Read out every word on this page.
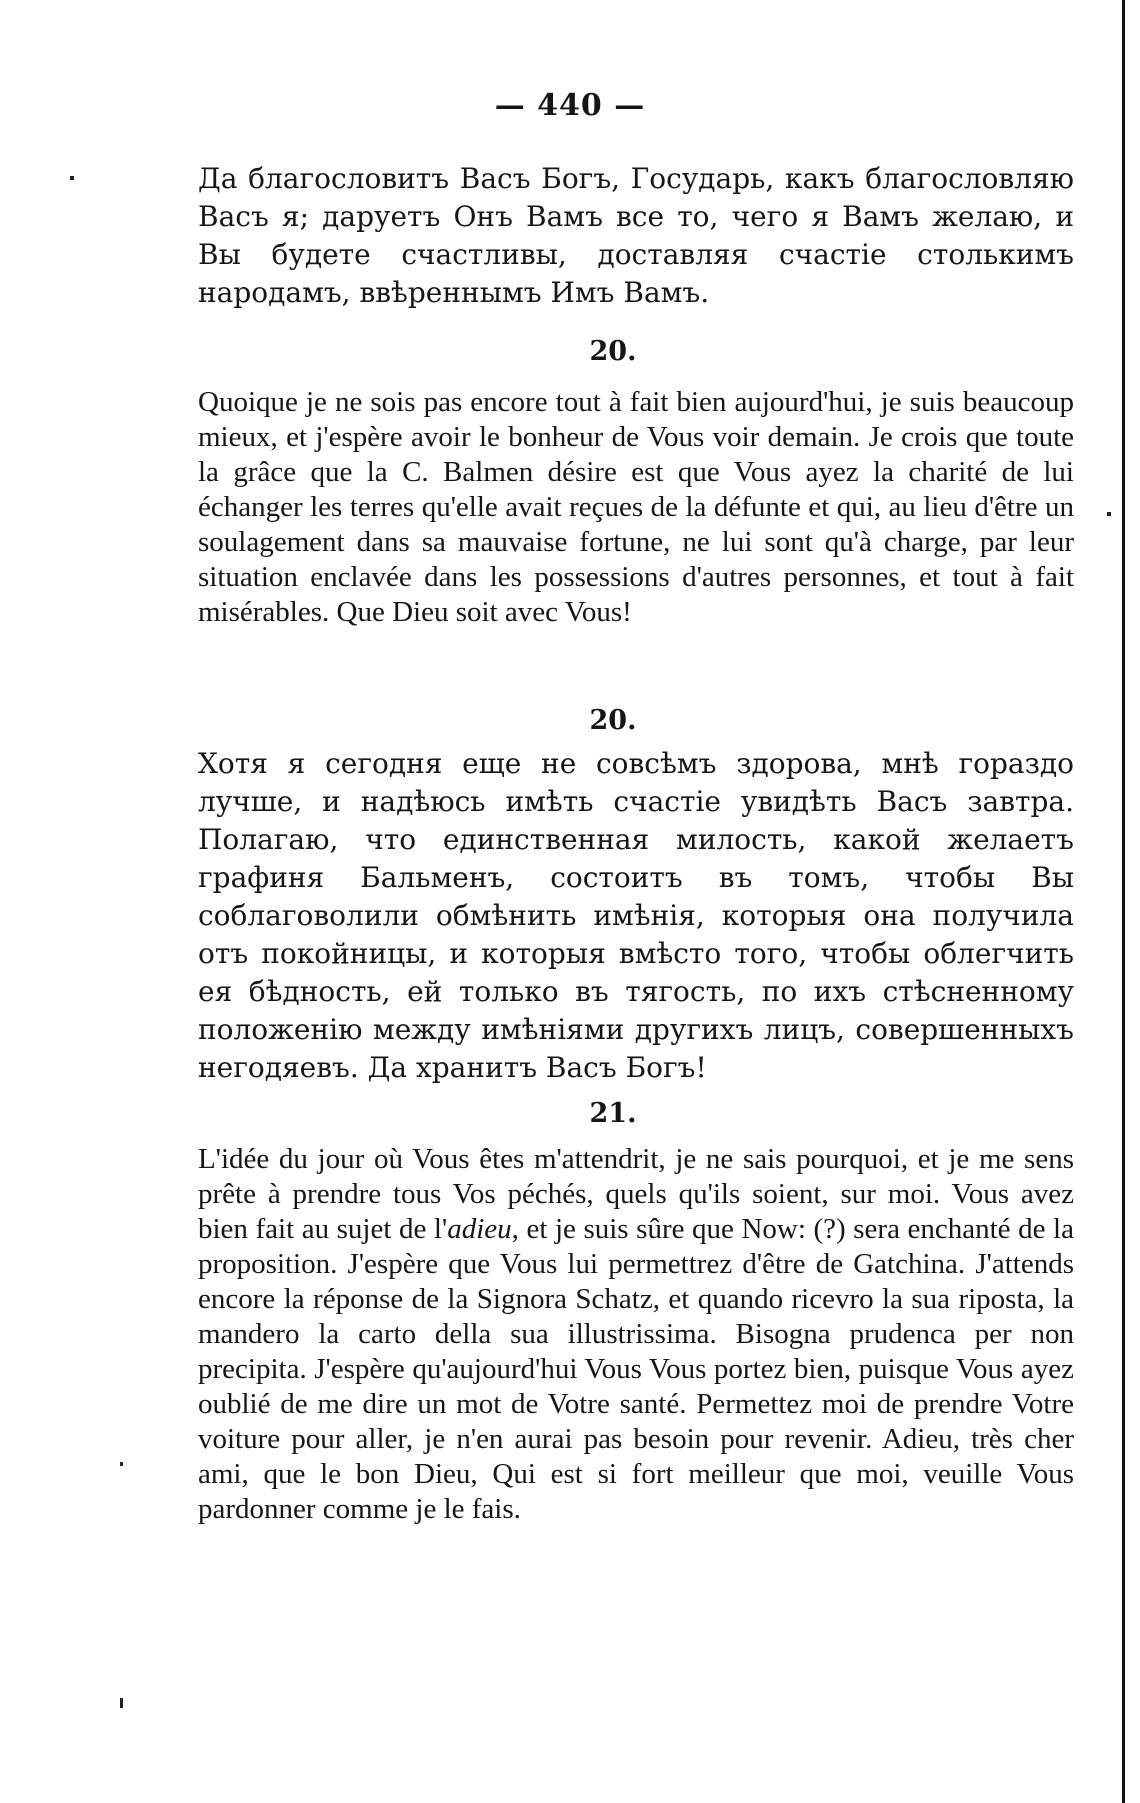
— 440 —

Да благословитъ Васъ Богъ, Государь, какъ благословляю Васъ я; даруетъ Онъ Вамъ все то, чего я Вамъ желаю, и Вы будете счастливы, доставляя счастіе столькимъ народамъ, ввѣреннымъ Имъ Вамъ.

20.

Quoique je ne sois pas encore tout à fait bien aujourd'hui, je suis beaucoup mieux, et j'espère avoir le bonheur de Vous voir demain. Je crois que toute la grâce que la C. Balmen désire est que Vous ayez la charité de lui échanger les terres qu'elle avait reçues de la défunte et qui, au lieu d'être un soulagement dans sa mauvaise fortune, ne lui sont qu'à charge, par leur situation enclavée dans les possessions d'autres personnes, et tout à fait misérables. Que Dieu soit avec Vous!

20.

Хотя я сегодня еще не совсѣмъ здорова, мнѣ гораздо лучше, и надѣюсь имѣть счастіе увидѣть Васъ завтра. Полагаю, что единственная милость, какой желаетъ графиня Бальменъ, состоитъ въ томъ, чтобы Вы соблаговолили обмѣнить имѣнія, которыя она получила отъ покойницы, и которыя вмѣсто того, чтобы облегчить ея бѣдность, ей только въ тягость, по ихъ стѣсненному положенію между имѣніями другихъ лицъ, совершенныхъ негодяевъ. Да хранитъ Васъ Богъ!

21.

L'idée du jour où Vous êtes m'attendrit, je ne sais pourquoi, et je me sens prête à prendre tous Vos péchés, quels qu'ils soient, sur moi. Vous avez bien fait au sujet de l'adieu, et je suis sûre que Now: (?) sera enchanté de la proposition. J'espère que Vous lui permettrez d'être de Gatchina. J'attends encore la réponse de la Signora Schatz, et quando ricevro la sua riposta, la mandero la carto della sua illustrissima. Bisogna prudenca per non precipita. J'espère qu'aujourd'hui Vous Vous portez bien, puisque Vous ayez oublié de me dire un mot de Votre santé. Permettez moi de prendre Votre voiture pour aller, je n'en aurai pas besoin pour revenir. Adieu, très cher ami, que le bon Dieu, Qui est si fort meilleur que moi, veuille Vous pardonner comme je le fais.
